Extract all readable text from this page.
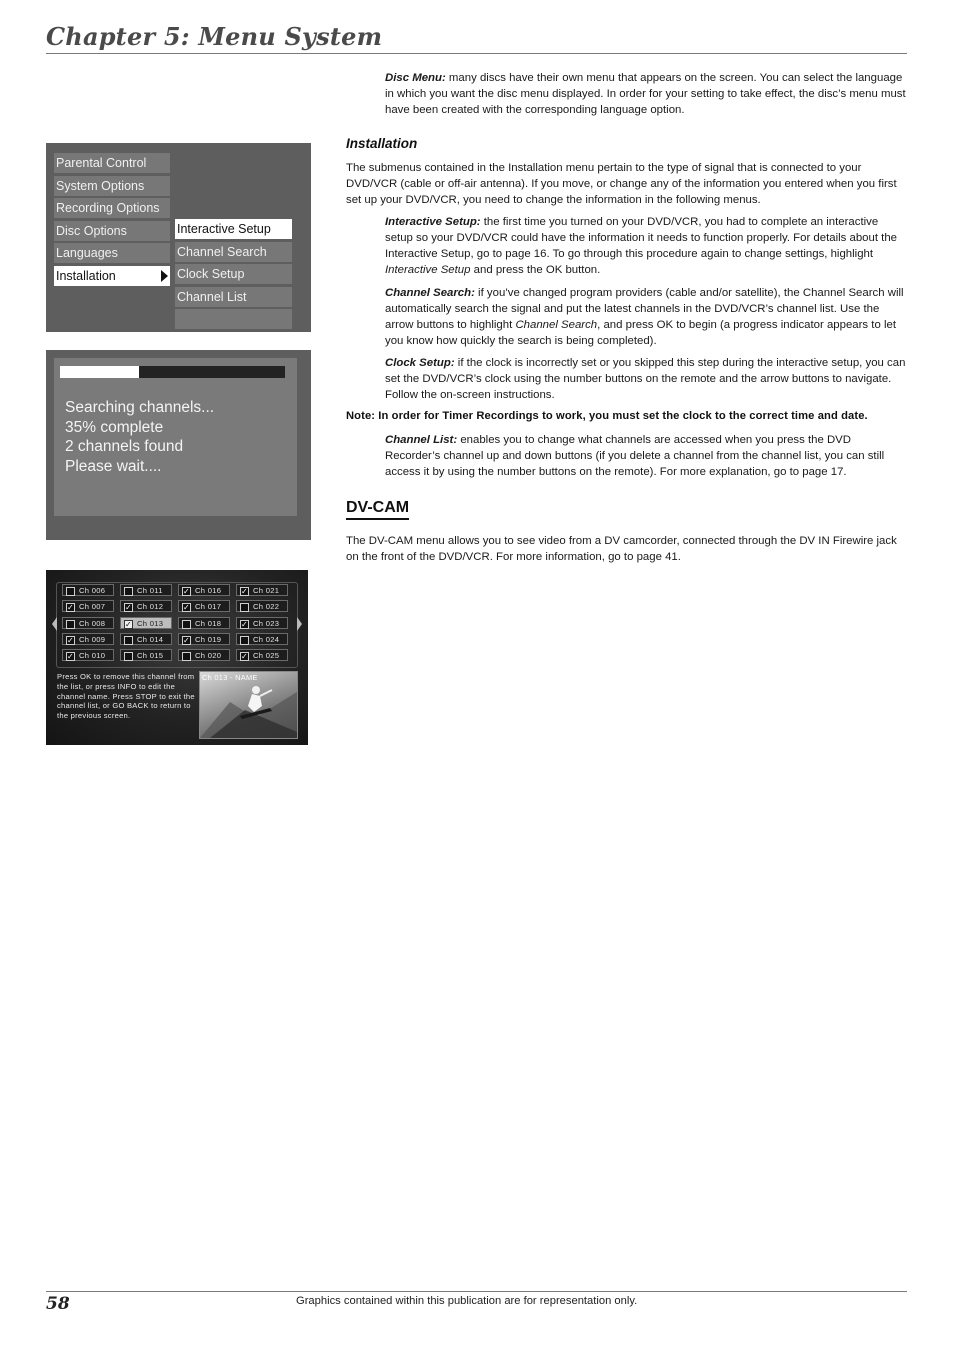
Chapter 5: Menu System
Disc Menu: many discs have their own menu that appears on the screen. You can select the language in which you want the disc menu displayed. In order for your setting to take effect, the disc’s menu must have been created with the corresponding language option.
Installation
The submenus contained in the Installation menu pertain to the type of signal that is connected to your DVD/VCR (cable or off-air antenna). If you move, or change any of the information you entered when you first set up your DVD/VCR, you need to change the information in the following menus.
Interactive Setup: the first time you turned on your DVD/VCR, you had to complete an interactive setup so your DVD/VCR could have the information it needs to function properly. For details about the Interactive Setup, go to page 16. To go through this procedure again to change settings, highlight Interactive Setup and press the OK button.
Channel Search: if you’ve changed program providers (cable and/or satellite), the Channel Search will automatically search the signal and put the latest channels in the DVD/VCR’s channel list. Use the arrow buttons to highlight Channel Search, and press OK to begin (a progress indicator appears to let you know how quickly the search is being completed).
Clock Setup: if the clock is incorrectly set or you skipped this step during the interactive setup, you can set the DVD/VCR’s clock using the number buttons on the remote and the arrow buttons to navigate. Follow the on-screen instructions.
Note: In order for Timer Recordings to work, you must set the clock to the correct time and date.
Channel List: enables you to change what channels are accessed when you press the DVD Recorder’s channel up and down buttons (if you delete a channel from the channel list, you can still access it by using the number buttons on the remote). For more explanation, go to page 17.
DV-CAM
The DV-CAM menu allows you to see video from a DV camcorder, connected through the DV IN Firewire jack on the front of the DVD/VCR. For more information, go to page 41.
Parental Control
System Options
Recording Options
Disc Options
Languages
Installation
Interactive Setup
Channel Search
Clock Setup
Channel List
Searching channels...
35% complete
2 channels found
Please wait....
Ch 006
✓ Ch 007
Ch 008
✓ Ch 009
✓ Ch 010
Ch 011
✓ Ch 012
✓ Ch 013
Ch 014
Ch 015
✓ Ch 016
✓ Ch 017
Ch 018
✓ Ch 019
Ch 020
✓ Ch 021
Ch 022
✓ Ch 023
Ch 024
✓ Ch 025
Press OK to remove this channel from the list, or press INFO to edit the channel name. Press STOP to exit the channel list, or GO BACK to return to the previous screen.
Ch 013 - NAME
58	Graphics contained within this publication are for representation only.
